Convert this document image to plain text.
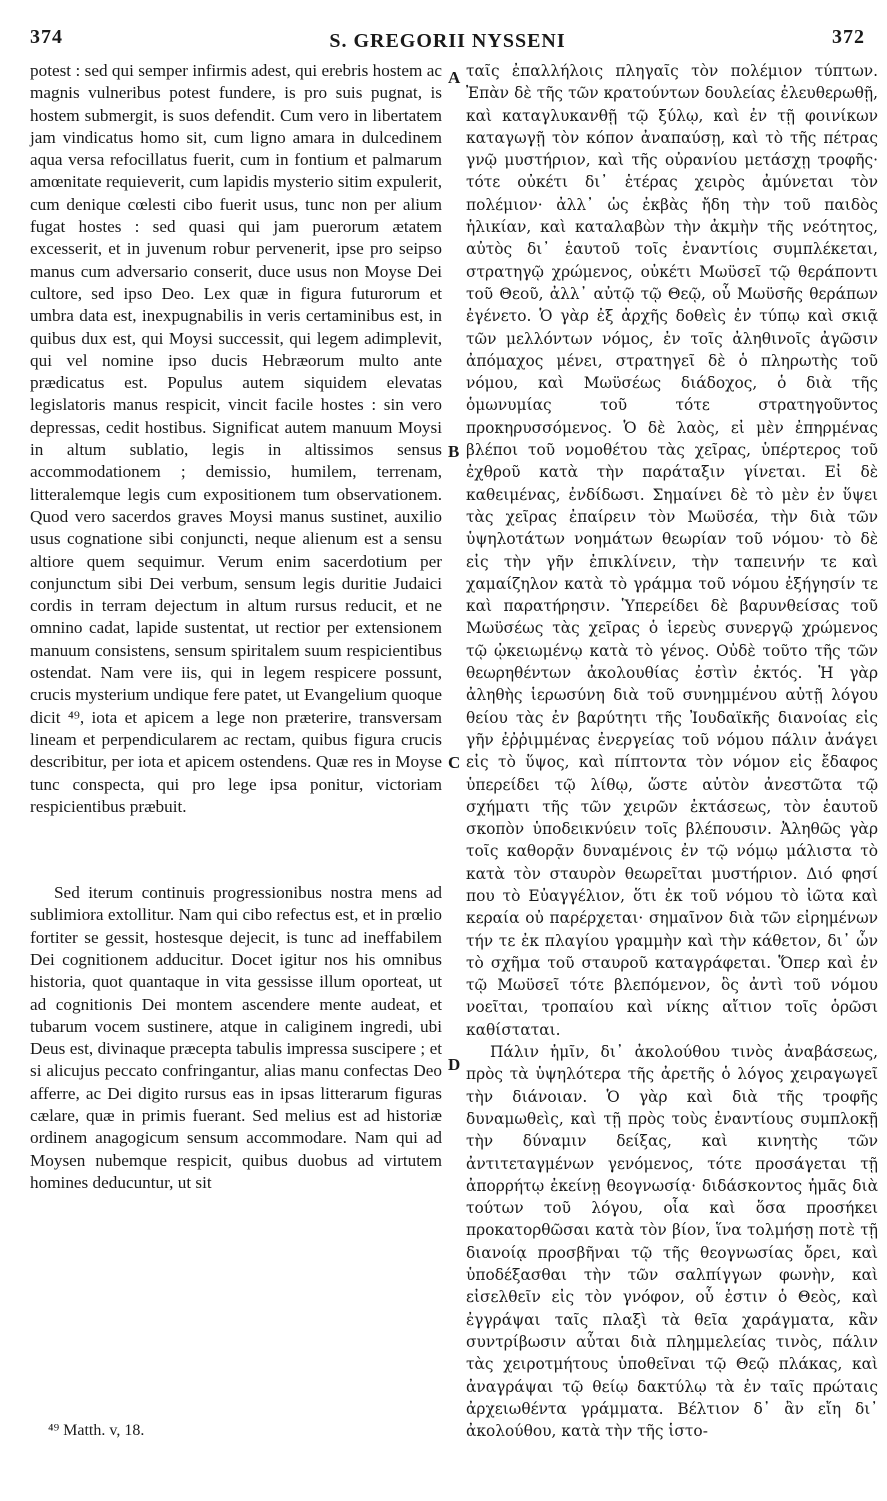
374	S. GREGORII NYSSENI	372

potest : sed qui semper infirmis adest, qui erebris hostem ac magnis vulneribus potest fundere, is pro suis pugnat, is hostem submergit, is suos defendit. Cum vero in libertatem jam vindicatus homo sit, cum ligno amara in dulcedinem aqua versa refocillatus fuerit, cum in fontium et palmarum amœnitate requieverit, cum lapidis mysterio sitim expulerit, cum denique cœlesti cibo fuerit usus, tunc non per alium fugat hostes : sed quasi qui jam puerorum ætatem excesserit, et in juvenum robur pervenerit, ipse pro seipso manus cum adversario conserit, duce usus non Moyse Dei cultore, sed ipso Deo. Lex quæ in figura futurorum et umbra data est, inexpugnabilis in veris certaminibus est, in quibus dux est, qui Moysi successit, qui legem adimplevit, qui vel nomine ipso ducis Hebræorum multo ante prædicatus est. Populus autem siquidem elevatas legislatoris manus respicit, vincit facile hostes : sin vero depressas, cedit hostibus. Significat autem manuum Moysi in altum sublatio, legis in altissimos sensus accommodationem ; demissio, humilem, terrenam, litteralemque legis cum expositionem tum observationem. Quod vero sacerdos graves Moysi manus sustinet, auxilio usus cognatione sibi conjuncti, neque alienum est a sensu altiore quem sequimur. Verum enim sacerdotium per conjunctum sibi Dei verbum, sensum legis duritie Judaici cordis in terram dejectum in altum rursus reducit, et ne omnino cadat, lapide sustentat, ut rectior per extensionem manuum consistens, sensum spiritalem suum respicientibus ostendat. Nam vere iis, qui in legem respicere possunt, crucis mysterium undique fere patet, ut Evangelium quoque dicit ⁴⁹, iota et apicem a lege non præterire, transversam lineam et perpendicularem ac rectam, quibus figura crucis describitur, per iota et apicem ostendens. Quæ res in Moyse tunc conspecta, qui pro lege ipsa ponitur, victoriam respicientibus præbuit.

Sed iterum continuis progressionibus nostra mens ad sublimiora extollitur. Nam qui cibo refectus est, et in prœlio fortiter se gessit, hostesque dejecit, is tunc ad ineffabilem Dei cognitionem adducitur. Docet igitur nos his omnibus historia, quot quantaque in vita gessisse illum oporteat, ut ad cognitionis Dei montem ascendere mente audeat, et tubarum vocem sustinere, atque in caliginem ingredi, ubi Deus est, divinaque præcepta tabulis impressa suscipere ; et si alicujus peccato confringantur, alias manu confectas Deo afferre, ac Dei digito rursus eas in ipsas litterarum figuras cælare, quæ in primis fuerant. Sed melius est ad historiæ ordinem anagogicum sensum accommodare. Nam qui ad Moysen nubemque respicit, quibus duobus ad virtutem homines deducuntur, ut sit

A
B
C
D

ταῖς ἐπαλλήλοις πληγαῖς τὸν πολέμιον τύπτων. Ἐπὰν δὲ τῆς τῶν κρατούντων δουλείας ἐλευθερωθῇ, καὶ καταγλυκανθῇ τῷ ξύλῳ, καὶ ἐν τῇ φοινίκων καταγωγῇ τὸν κόπον ἀναπαύσῃ, καὶ τὸ τῆς πέτρας γνῷ μυστήριον, καὶ τῆς οὐρανίου μετάσχῃ τροφῆς· τότε οὐκέτι δι᾽ ἑτέρας χειρὸς ἀμύνεται τὸν πολέμιον· ἀλλ᾽ ὡς ἐκβὰς ἤδη τὴν τοῦ παιδὸς ἡλικίαν, καὶ καταλαβὼν τὴν ἀκμὴν τῆς νεότητος, αὐτὸς δι᾽ ἑαυτοῦ τοῖς ἐναντίοις συμπλέκεται, στρατηγῷ χρώμενος, οὐκέτι Μωϋσεῖ τῷ θεράποντι τοῦ Θεοῦ, ἀλλ᾽ αὐτῷ τῷ Θεῷ, οὗ Μωϋσῆς θεράπων ἐγένετο. Ὁ γὰρ ἐξ ἀρχῆς δοθεὶς ἐν τύπῳ καὶ σκιᾷ τῶν μελλόντων νόμος, ἐν τοῖς ἀληθινοῖς ἀγῶσιν ἀπόμαχος μένει, στρατηγεῖ δὲ ὁ πληρωτὴς τοῦ νόμου, καὶ Μωϋσέως διάδοχος, ὁ διὰ τῆς ὁμωνυμίας τοῦ τότε στρατηγοῦντος προκηρυσσόμενος. Ὁ δὲ λαὸς, εἰ μὲν ἐπηρμένας βλέποι τοῦ νομοθέτου τὰς χεῖρας, ὑπέρτερος τοῦ ἐχθροῦ κατὰ τὴν παράταξιν γίνεται. Εἰ δὲ καθειμένας, ἐνδίδωσι. Σημαίνει δὲ τὸ μὲν ἐν ὕψει τὰς χεῖρας ἐπαίρειν τὸν Μωϋσέα, τὴν διὰ τῶν ὑψηλοτάτων νοημάτων θεωρίαν τοῦ νόμου· τὸ δὲ εἰς τὴν γῆν ἐπικλίνειν, τὴν ταπεινήν τε καὶ χαμαίζηλον κατὰ τὸ γράμμα τοῦ νόμου ἐξήγησίν τε καὶ παρατήρησιν. Ὑπερείδει δὲ βαρυνθείσας τοῦ Μωϋσέως τὰς χεῖρας ὁ ἱερεὺς συνεργῷ χρώμενος τῷ ᾠκειωμένῳ κατὰ τὸ γένος. Οὐδὲ τοῦτο τῆς τῶν θεωρηθέντων ἀκολουθίας ἐστὶν ἐκτός. Ἡ γὰρ ἀληθὴς ἱερωσύνη διὰ τοῦ συνημμένου αὐτῇ λόγου θείου τὰς ἐν βαρύτητι τῆς Ἰουδαϊκῆς διανοίας εἰς γῆν ἐῤῥιμμένας ἐνεργείας τοῦ νόμου πάλιν ἀνάγει εἰς τὸ ὕψος, καὶ πίπτοντα τὸν νόμον εἰς ἔδαφος ὑπερείδει τῷ λίθῳ, ὥστε αὐτὸν ἀνεστῶτα τῷ σχήματι τῆς τῶν χειρῶν ἐκτάσεως, τὸν ἑαυτοῦ σκοπὸν ὑποδεικνύειν τοῖς βλέπουσιν. Ἀληθῶς γὰρ τοῖς καθορᾷν δυναμένοις ἐν τῷ νόμῳ μάλιστα τὸ κατὰ τὸν σταυρὸν θεωρεῖται μυστήριον. Διό φησί που τὸ Εὐαγγέλιον, ὅτι ἐκ τοῦ νόμου τὸ ἰῶτα καὶ κεραία οὐ παρέρχεται· σημαῖνον διὰ τῶν εἰρημένων τήν τε ἐκ πλαγίου γραμμὴν καὶ τὴν κάθετον, δι᾽ ὧν τὸ σχῆμα τοῦ σταυροῦ καταγράφεται. Ὅπερ καὶ ἐν τῷ Μωϋσεῖ τότε βλεπόμενον, ὃς ἀντὶ τοῦ νόμου νοεῖται, τροπαίου καὶ νίκης αἴτιον τοῖς ὁρῶσι καθίσταται.

Πάλιν ἡμῖν, δι᾽ ἀκολούθου τινὸς ἀναβάσεως, πρὸς τὰ ὑψηλότερα τῆς ἀρετῆς ὁ λόγος χειραγωγεῖ τὴν διάνοιαν. Ὁ γὰρ καὶ διὰ τῆς τροφῆς δυναμωθεὶς, καὶ τῇ πρὸς τοὺς ἐναντίους συμπλοκῇ τὴν δύναμιν δείξας, καὶ κινητὴς τῶν ἀντιτεταγμένων γενόμενος, τότε προσάγεται τῇ ἀπορρήτῳ ἐκείνῃ θεογνωσίᾳ· διδάσκοντος ἡμᾶς διὰ τούτων τοῦ λόγου, οἷα καὶ ὅσα προσήκει προκατορθῶσαι κατὰ τὸν βίον, ἵνα τολμήσῃ ποτὲ τῇ διανοίᾳ προσβῆναι τῷ τῆς θεογνωσίας ὄρει, καὶ ὑποδέξασθαι τὴν τῶν σαλπίγγων φωνὴν, καὶ εἰσελθεῖν εἰς τὸν γνόφον, οὗ ἐστιν ὁ Θεὸς, καὶ ἐγγράψαι ταῖς πλαξὶ τὰ θεῖα χαράγματα, κἂν συντρίβωσιν αὗται διὰ πλημμελείας τινὸς, πάλιν τὰς χειροτμήτους ὑποθεῖναι τῷ Θεῷ πλάκας, καὶ ἀναγράψαι τῷ θείῳ δακτύλῳ τὰ ἐν ταῖς πρώταις ἀρχειωθέντα γράμματα. Βέλτιον δ᾽ ἂν εἴη δι᾽ ἀκολούθου, κατὰ τὴν τῆς ἱστο-

⁴⁹ Matth. v, 18.
